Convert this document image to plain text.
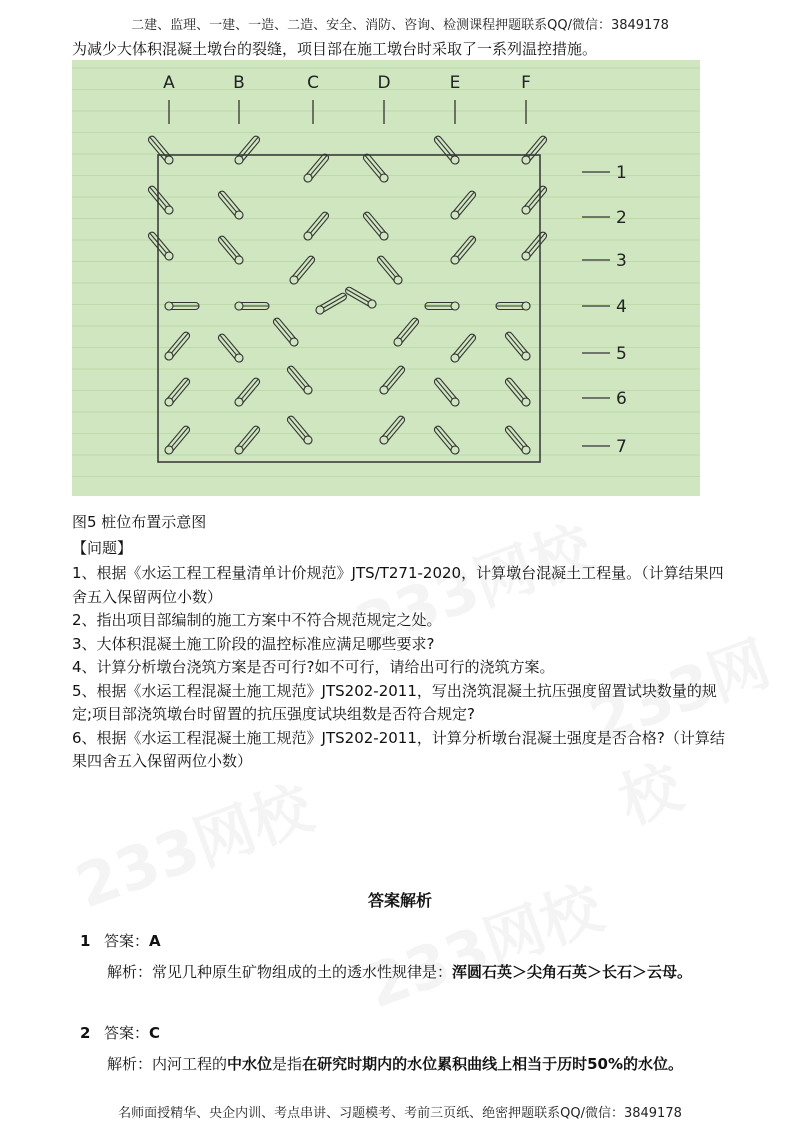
二建、监理、一建、一造、二造、安全、消防、咨询、检测课程押题联系QQ/微信：3849178
为减少大体积混凝土墩台的裂缝，项目部在施工墩台时采取了一系列温控措施。
A	B	C	D	E	F
1
2
3
4
5
6
7
图5 桩位布置示意图
【问题】

1、根据《水运工程工程量清单计价规范》JTS/T271-2020，计算墩台混凝土工程量。（计算结果四舍五入保留两位小数）

2、指出项目部编制的施工方案中不符合规范规定之处。

3、大体积混凝土施工阶段的温控标准应满足哪些要求?

4、计算分析墩台浇筑方案是否可行?如不可行，请给出可行的浇筑方案。

5、根据《水运工程混凝土施工规范》JTS202-2011，写出浇筑混凝土抗压强度留置试块数量的规定;项目部浇筑墩台时留置的抗压强度试块组数是否符合规定?

6、根据《水运工程混凝土施工规范》JTS202-2011，计算分析墩台混凝土强度是否合格?（计算结果四舍五入保留两位小数）

答案解析
1 答案：A
解析：常见几种原生矿物组成的土的透水性规律是：浑圆石英＞尖角石英＞长石＞云母。
2 答案：C
解析：内河工程的中水位是指在研究时期内的水位累积曲线上相当于历时50%的水位。
名师面授精华、央企内训、考点串讲、习题模考、考前三页纸、绝密押题联系QQ/微信：3849178
